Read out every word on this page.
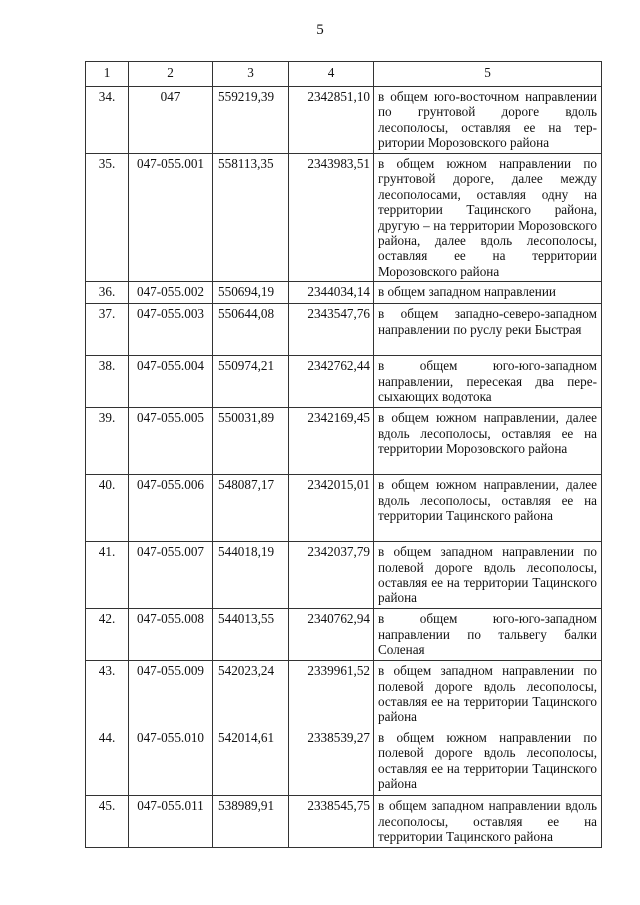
5
1	2	3	4	5
34.	047	559219,39	2342851,10	в общем юго-восточном направлении по грунтовой дороге вдоль лесополосы, оставляя ее на территории Морозовского района
35.	047-055.001	558113,35	2343983,51	в общем южном направлении по грунтовой дороге, далее между лесополосами, оставляя одну на территории Тацинского района, другую – на территории Морозовского района, далее вдоль лесополосы, оставляя ее на территории Морозовского района
36.	047-055.002	550694,19	2344034,14	в общем западном направлении
37.	047-055.003	550644,08	2343547,76	в общем западно-северо-западном направлении по руслу реки Быстрая
38.	047-055.004	550974,21	2342762,44	в общем юго-юго-западном направлении, пересекая два пересыхающих водотока
39.	047-055.005	550031,89	2342169,45	в общем южном направлении, далее вдоль лесополосы, оставляя ее на территории Морозовского района
40.	047-055.006	548087,17	2342015,01	в общем южном направлении, далее вдоль лесополосы, оставляя ее на территории Тацинского района
41.	047-055.007	544018,19	2342037,79	в общем западном направлении по полевой дороге вдоль лесополосы, оставляя ее на территории Тацинского района
42.	047-055.008	544013,55	2340762,94	в общем юго-юго-западном направлении по тальвегу балки Соленая
43.	047-055.009	542023,24	2339961,52	в общем западном направлении по полевой дороге вдоль лесополосы, оставляя ее на территории Тацинского района
44.	047-055.010	542014,61	2338539,27	в общем южном направлении по полевой дороге вдоль лесополосы, оставляя ее на территории Тацинского района
45.	047-055.011	538989,91	2338545,75	в общем западном направлении вдоль лесополосы, оставляя ее на территории Тацинского района
